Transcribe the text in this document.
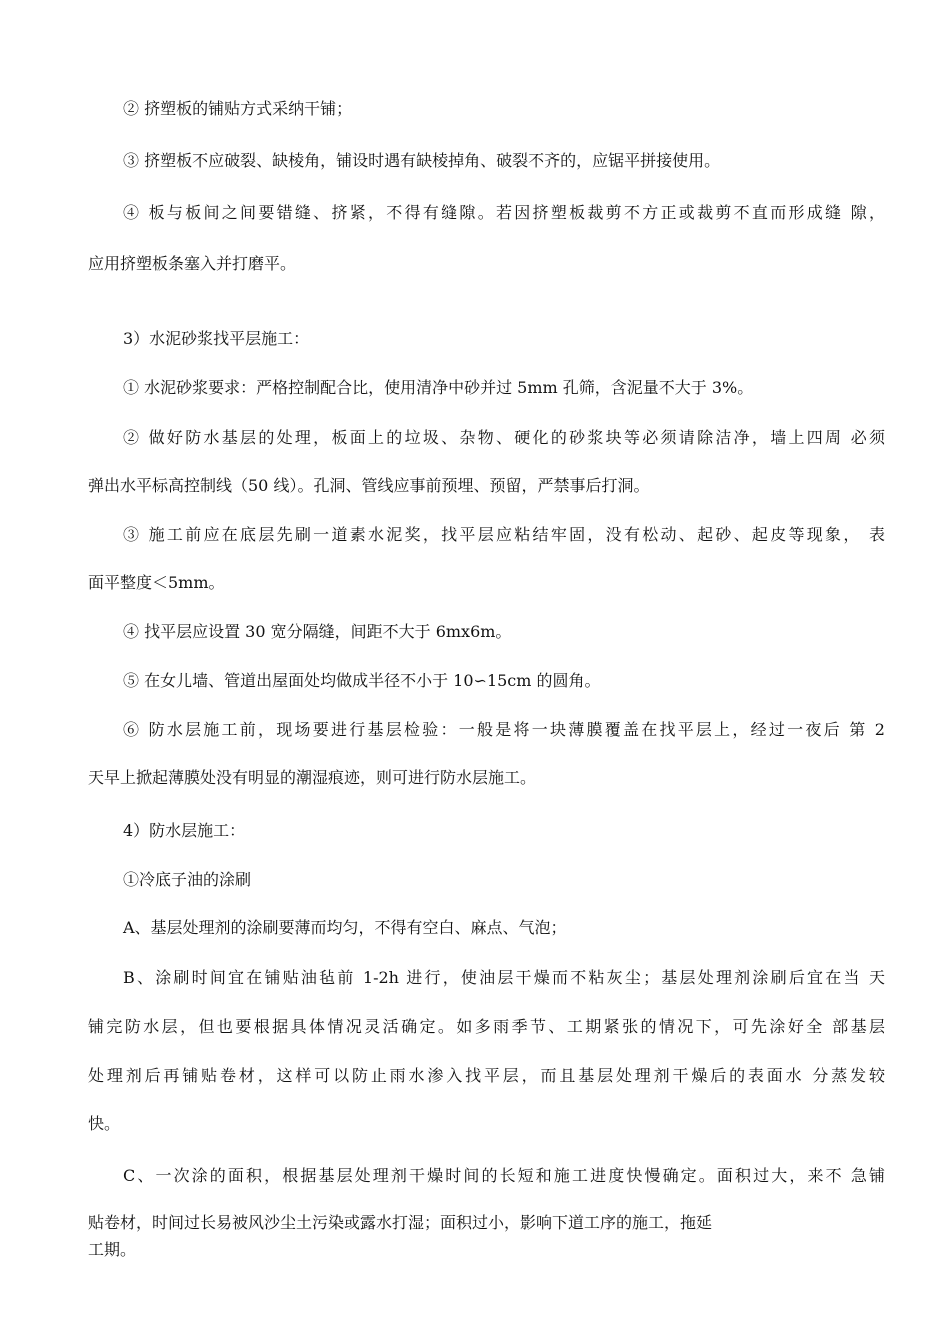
② 挤塑板的铺贴方式采纳干铺；
③ 挤塑板不应破裂、缺棱角，铺设时遇有缺棱掉角、破裂不齐的，应锯平拼接使用。
④ 板与板间之间要错缝、挤紧，不得有缝隙。若因挤塑板裁剪不方正或裁剪不直而形成缝 隙，
应用挤塑板条塞入并打磨平。
3）水泥砂浆找平层施工：
① 水泥砂浆要求：严格控制配合比，使用清净中砂并过 5mm 孔筛，含泥量不大于 3%。
② 做好防水基层的处理，板面上的垃圾、杂物、硬化的砂浆块等必须请除洁净，墙上四周 必须
弹出水平标高控制线（50 线）。孔洞、管线应事前预埋、预留，严禁事后打洞。
③ 施工前应在底层先刷一道素水泥奖，找平层应粘结牢固，没有松动、起砂、起皮等现象， 表
面平整度＜5mm。
④ 找平层应设置 30 宽分隔缝，间距不大于 6mx6m。
⑤ 在女儿墙、管道出屋面处均做成半径不小于 10∽15cm 的圆角。
⑥ 防水层施工前，现场要进行基层检验：一般是将一块薄膜覆盖在找平层上，经过一夜后 第 2
天早上掀起薄膜处没有明显的潮湿痕迹，则可进行防水层施工。
4）防水层施工：
①冷底子油的涂刷
A、基层处理剂的涂刷要薄而均匀，不得有空白、麻点、气泡；
B、涂刷时间宜在铺贴油毡前 1-2h 进行，使油层干燥而不粘灰尘；基层处理剂涂刷后宜在当 天
铺完防水层，但也要根据具体情况灵活确定。如多雨季节、工期紧张的情况下，可先涂好全 部基层
处理剂后再铺贴卷材，这样可以防止雨水渗入找平层，而且基层处理剂干燥后的表面水 分蒸发较
快。
C、一次涂的面积，根据基层处理剂干燥时间的长短和施工进度快慢确定。面积过大，来不 急铺
贴卷材，时间过长易被风沙尘土污染或露水打湿；面积过小，影响下道工序的施工，拖延
工期。
